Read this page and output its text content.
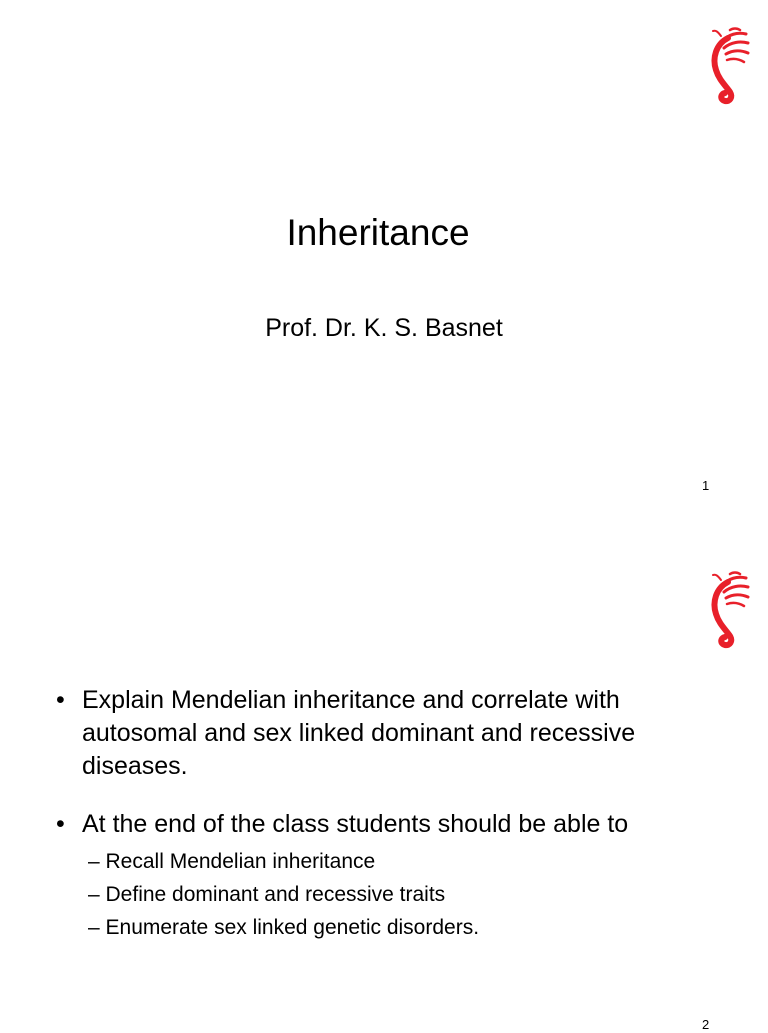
Inheritance

Prof. Dr. K. S. Basnet

1
• Explain Mendelian inheritance and correlate with autosomal and sex linked dominant and recessive diseases.
• At the end of the class students should be able to
– Recall Mendelian inheritance
– Define dominant and recessive traits
– Enumerate sex linked genetic disorders.
2
